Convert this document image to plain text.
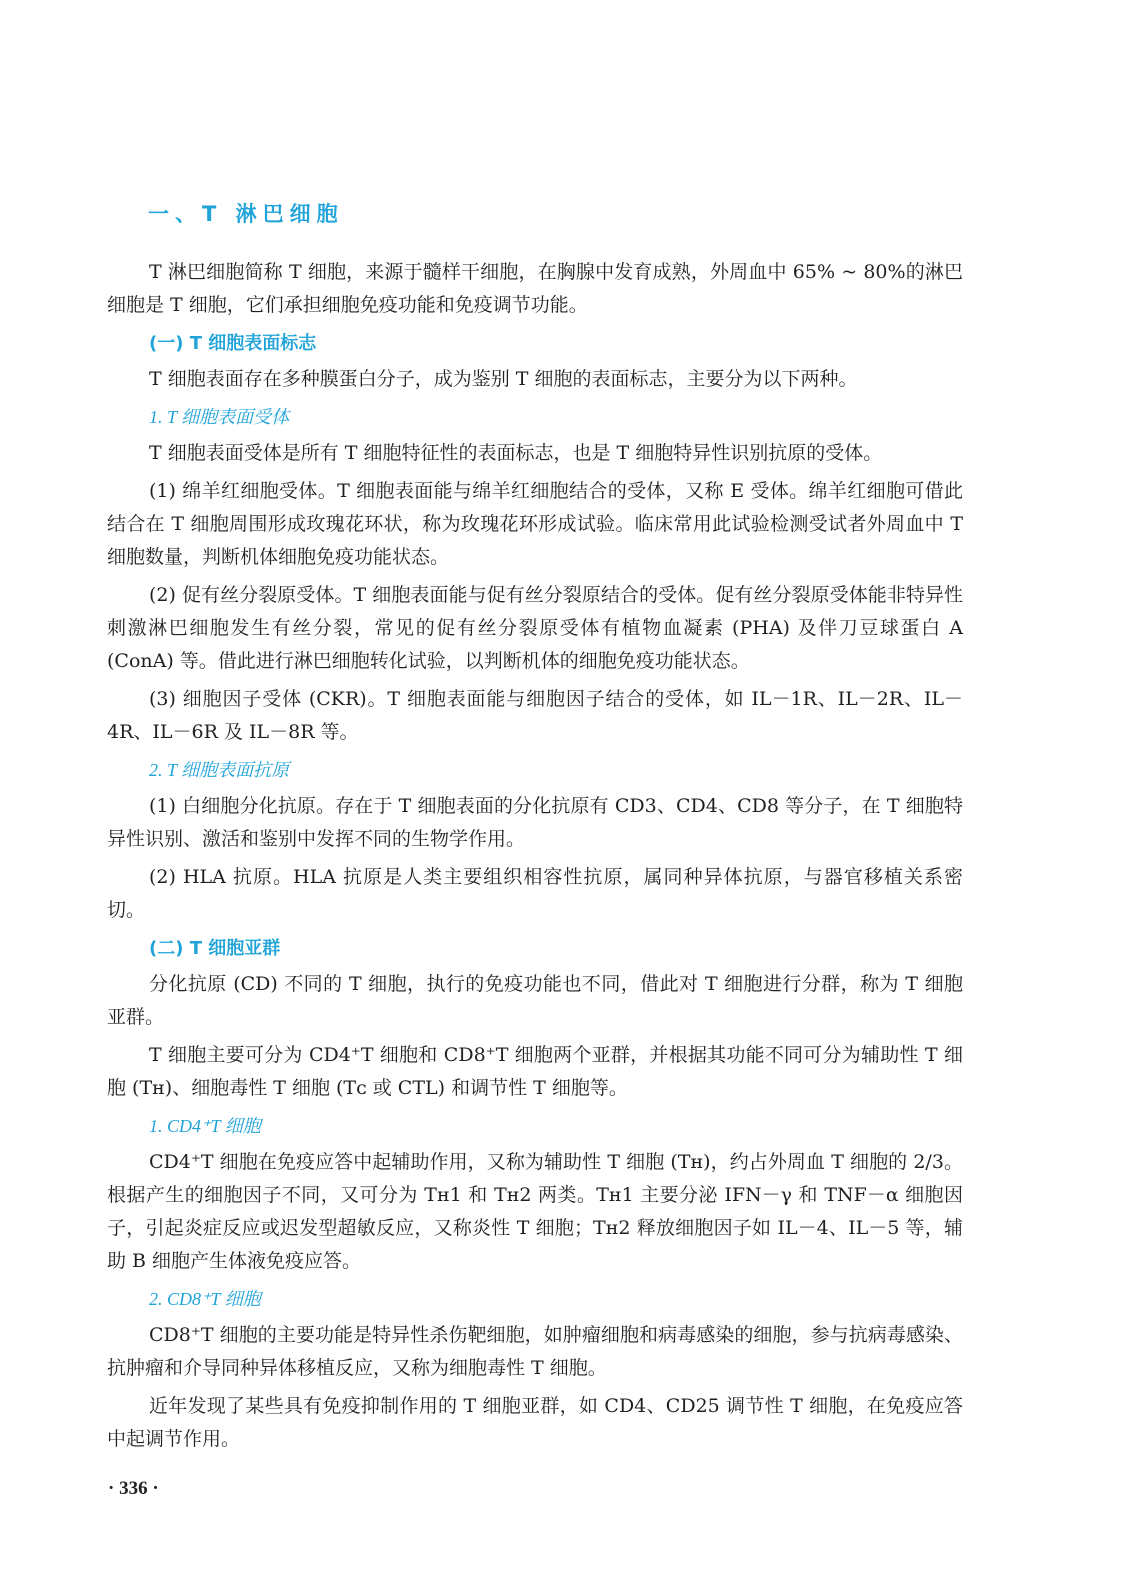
一、T 淋巴细胞

T 淋巴细胞简称 T 细胞，来源于髓样干细胞，在胸腺中发育成熟，外周血中 65% ~ 80%的淋巴细胞是 T 细胞，它们承担细胞免疫功能和免疫调节功能。

(一) T 细胞表面标志

T 细胞表面存在多种膜蛋白分子，成为鉴别 T 细胞的表面标志，主要分为以下两种。

1. T 细胞表面受体

T 细胞表面受体是所有 T 细胞特征性的表面标志，也是 T 细胞特异性识别抗原的受体。

(1) 绵羊红细胞受体。T 细胞表面能与绵羊红细胞结合的受体，又称 E 受体。绵羊红细胞可借此结合在 T 细胞周围形成玫瑰花环状，称为玫瑰花环形成试验。临床常用此试验检测受试者外周血中 T 细胞数量，判断机体细胞免疫功能状态。

(2) 促有丝分裂原受体。T 细胞表面能与促有丝分裂原结合的受体。促有丝分裂原受体能非特异性刺激淋巴细胞发生有丝分裂，常见的促有丝分裂原受体有植物血凝素 (PHA) 及伴刀豆球蛋白 A (ConA) 等。借此进行淋巴细胞转化试验，以判断机体的细胞免疫功能状态。

(3) 细胞因子受体 (CKR)。T 细胞表面能与细胞因子结合的受体，如 IL－1R、IL－2R、IL－4R、IL－6R 及 IL－8R 等。

2. T 细胞表面抗原

(1) 白细胞分化抗原。存在于 T 细胞表面的分化抗原有 CD3、CD4、CD8 等分子，在 T 细胞特异性识别、激活和鉴别中发挥不同的生物学作用。

(2) HLA 抗原。HLA 抗原是人类主要组织相容性抗原，属同种异体抗原，与器官移植关系密切。

(二) T 细胞亚群

分化抗原 (CD) 不同的 T 细胞，执行的免疫功能也不同，借此对 T 细胞进行分群，称为 T 细胞亚群。

T 细胞主要可分为 CD4⁺T 细胞和 CD8⁺T 细胞两个亚群，并根据其功能不同可分为辅助性 T 细胞 (Tʜ)、细胞毒性 T 细胞 (Tᴄ 或 CTL) 和调节性 T 细胞等。

1. CD4⁺T 细胞

CD4⁺T 细胞在免疫应答中起辅助作用，又称为辅助性 T 细胞 (Tʜ)，约占外周血 T 细胞的 2/3。根据产生的细胞因子不同，又可分为 Tʜ1 和 Tʜ2 两类。Tʜ1 主要分泌 IFN－γ 和 TNF－α 细胞因子，引起炎症反应或迟发型超敏反应，又称炎性 T 细胞；Tʜ2 释放细胞因子如 IL－4、IL－5 等，辅助 B 细胞产生体液免疫应答。

2. CD8⁺T 细胞

CD8⁺T 细胞的主要功能是特异性杀伤靶细胞，如肿瘤细胞和病毒感染的细胞，参与抗病毒感染、抗肿瘤和介导同种异体移植反应，又称为细胞毒性 T 细胞。

近年发现了某些具有免疫抑制作用的 T 细胞亚群，如 CD4、CD25 调节性 T 细胞，在免疫应答中起调节作用。

· 336 ·
